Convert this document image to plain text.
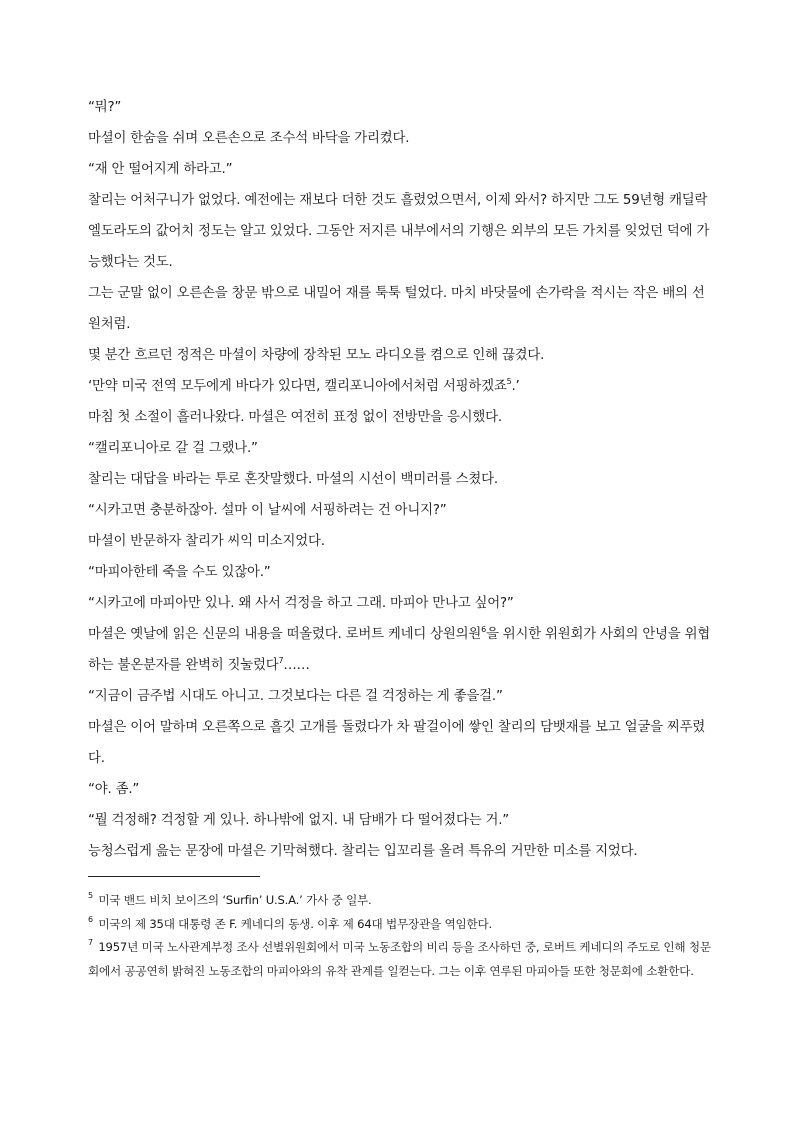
“뭐?”

마셜이 한숨을 쉬며 오른손으로 조수석 바닥을 가리켰다.

“재 안 떨어지게 하라고.”

찰리는 어처구니가 없었다. 예전에는 재보다 더한 것도 흘렸었으면서, 이제 와서? 하지만 그도 59년형 캐딜락 엘도라도의 값어치 정도는 알고 있었다. 그동안 저지른 내부에서의 기행은 외부의 모든 가치를 잊었던 덕에 가능했다는 것도.

그는 군말 없이 오른손을 창문 밖으로 내밀어 재를 툭툭 털었다. 마치 바닷물에 손가락을 적시는 작은 배의 선원처럼.

몇 분간 흐르던 정적은 마셜이 차량에 장착된 모노 라디오를 켬으로 인해 끊겼다.

‘만약 미국 전역 모두에게 바다가 있다면, 캘리포니아에서처럼 서핑하겠죠$^5$.’

마침 첫 소절이 흘러나왔다. 마셜은 여전히 표정 없이 전방만을 응시했다.

“캘리포니아로 갈 걸 그랬나.”

찰리는 대답을 바라는 투로 혼잣말했다. 마셜의 시선이 백미러를 스쳤다.

“시카고면 충분하잖아. 설마 이 날씨에 서핑하려는 건 아니지?”

마셜이 반문하자 찰리가 씨익 미소지었다.

“마피아한테 죽을 수도 있잖아.”

“시카고에 마피아만 있나. 왜 사서 걱정을 하고 그래. 마피아 만나고 싶어?”

마셜은 옛날에 읽은 신문의 내용을 떠올렸다. 로버트 케네디 상원의원$^6$을 위시한 위원회가 사회의 안녕을 위협하는 불온분자를 완벽히 짓눌렀다$^7$……

“지금이 금주법 시대도 아니고. 그것보다는 다른 걸 걱정하는 게 좋을걸.”

마셜은 이어 말하며 오른쪽으로 흘깃 고개를 돌렸다가 차 팔걸이에 쌓인 찰리의 담뱃재를 보고 얼굴을 찌푸렸다.

“야. 좀.”

“뭘 걱정해? 걱정할 게 있나. 하나밖에 없지. 내 담배가 다 떨어졌다는 거.”

능청스럽게 읊는 문장에 마셜은 기막혀했다. 찰리는 입꼬리를 올려 특유의 거만한 미소를 지었다.

$^5$ 미국 밴드 비치 보이즈의 ‘Surfin’ U.S.A.’ 가사 중 일부.

$^6$ 미국의 제 35대 대통령 존 F. 케네디의 동생. 이후 제 64대 법무장관을 역임한다.

$^7$ 1957년 미국 노사관계부정 조사 선별위원회에서 미국 노동조합의 비리 등을 조사하던 중, 로버트 케네디의 주도로 인해 청문회에서 공공연히 밝혀진 노동조합의 마피아와의 유착 관계를 일컫는다. 그는 이후 연루된 마피아들 또한 청문회에 소환한다.
